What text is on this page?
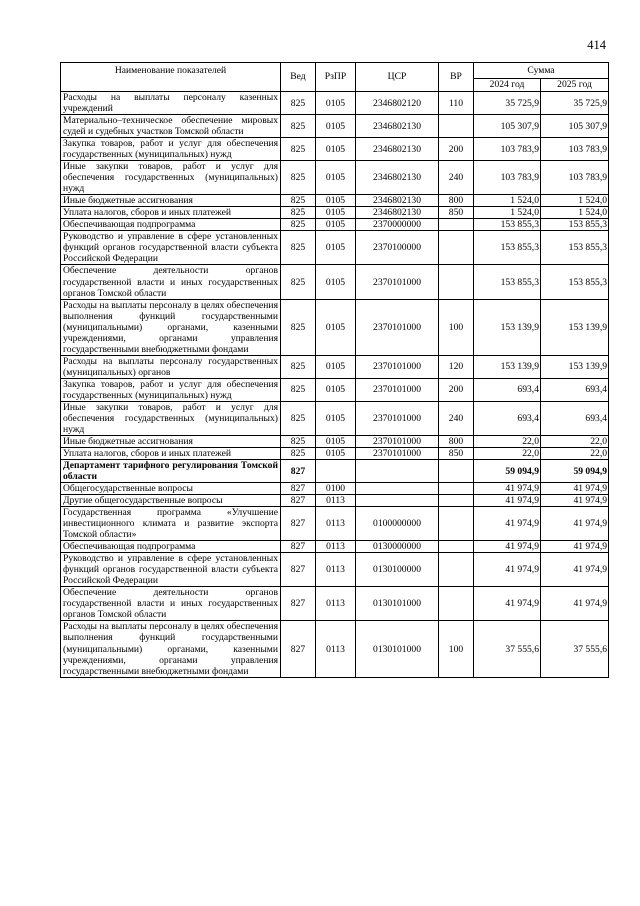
414
Наименование показателей	Вед	РзПР	ЦСР	ВР	Сумма	
					2024 год	2025 год
Расходы на выплаты персоналу казенных учреждений	825	0105	2346802120	110	35 725,9	35 725,9
Материально–техническое обеспечение мировых судей и судебных участков Томской области	825	0105	2346802130		105 307,9	105 307,9
Закупка товаров, работ и услуг для обеспечения государственных (муниципальных) нужд	825	0105	2346802130	200	103 783,9	103 783,9
Иные закупки товаров, работ и услуг для обеспечения государственных (муниципальных) нужд	825	0105	2346802130	240	103 783,9	103 783,9
Иные бюджетные ассигнования	825	0105	2346802130	800	1 524,0	1 524,0
Уплата налогов, сборов и иных платежей	825	0105	2346802130	850	1 524,0	1 524,0
Обеспечивающая подпрограмма	825	0105	2370000000		153 855,3	153 855,3
Руководство и управление в сфере установленных функций органов государственной власти субъекта Российской Федерации	825	0105	2370100000		153 855,3	153 855,3
Обеспечение деятельности органов государственной власти и иных государственных органов Томской области	825	0105	2370101000		153 855,3	153 855,3
Расходы на выплаты персоналу в целях обеспечения выполнения функций государственными (муниципальными) органами, казенными учреждениями, органами управления государственными внебюджетными фондами	825	0105	2370101000	100	153 139,9	153 139,9
Расходы на выплаты персоналу государственных (муниципальных) органов	825	0105	2370101000	120	153 139,9	153 139,9
Закупка товаров, работ и услуг для обеспечения государственных (муниципальных) нужд	825	0105	2370101000	200	693,4	693,4
Иные закупки товаров, работ и услуг для обеспечения государственных (муниципальных) нужд	825	0105	2370101000	240	693,4	693,4
Иные бюджетные ассигнования	825	0105	2370101000	800	22,0	22,0
Уплата налогов, сборов и иных платежей	825	0105	2370101000	850	22,0	22,0
Департамент тарифного регулирования Томской области	827				59 094,9	59 094,9
Общегосударственные вопросы	827	0100			41 974,9	41 974,9
Другие общегосударственные вопросы	827	0113			41 974,9	41 974,9
Государственная программа «Улучшение инвестиционного климата и развитие экспорта Томской области»	827	0113	0100000000		41 974,9	41 974,9
Обеспечивающая подпрограмма	827	0113	0130000000		41 974,9	41 974,9
Руководство и управление в сфере установленных функций органов государственной власти субъекта Российской Федерации	827	0113	0130100000		41 974,9	41 974,9
Обеспечение деятельности органов государственной власти и иных государственных органов Томской области	827	0113	0130101000		41 974,9	41 974,9
Расходы на выплаты персоналу в целях обеспечения выполнения функций государственными (муниципальными) органами, казенными учреждениями, органами управления государственными внебюджетными фондами	827	0113	0130101000	100	37 555,6	37 555,6
